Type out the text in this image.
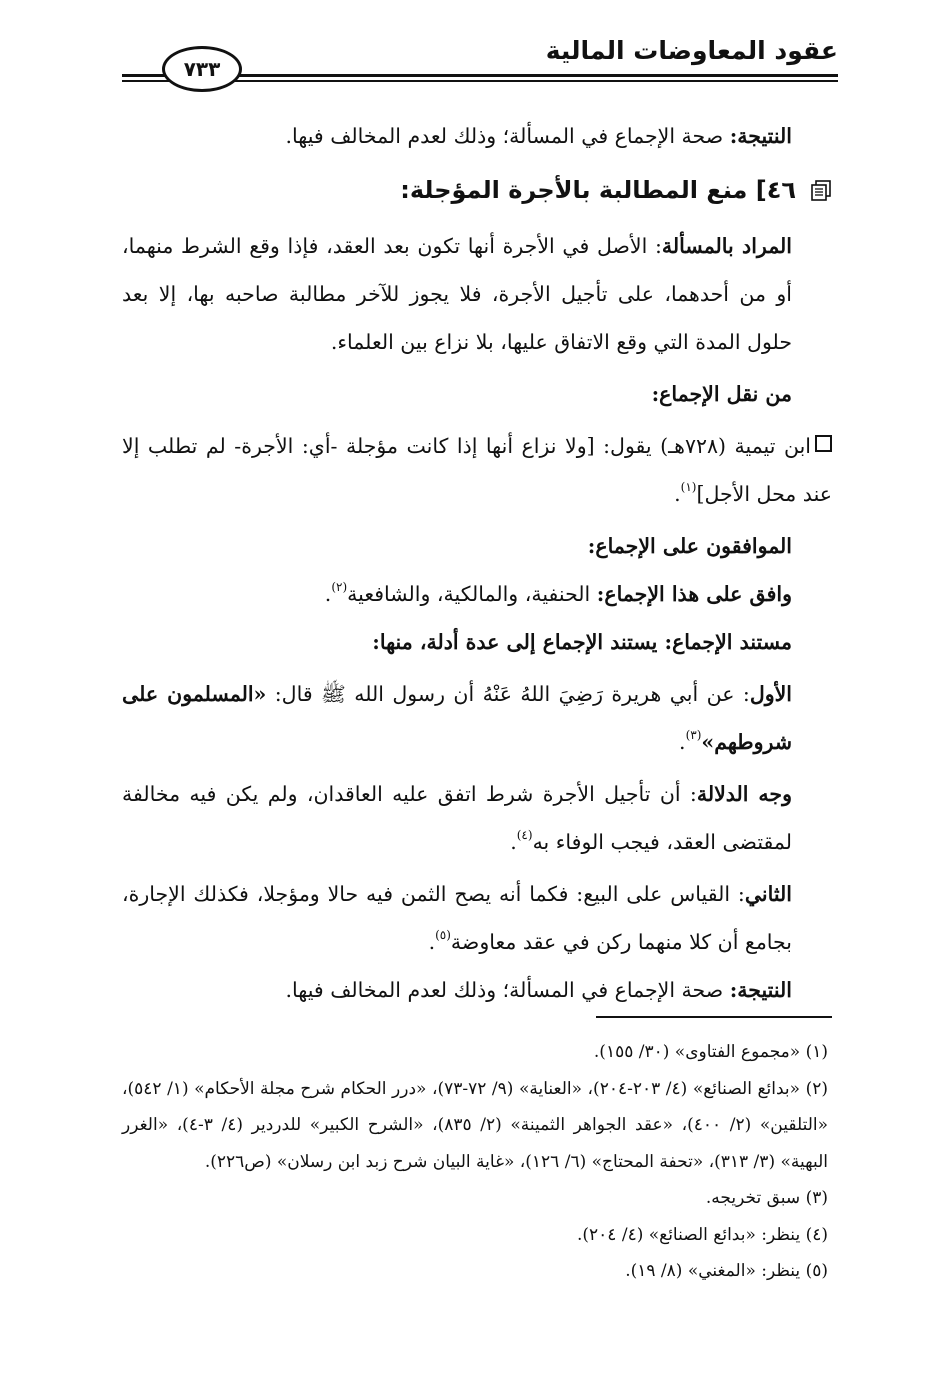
عقود المعاوضات المالية
٧٣٣

النتيجة: صحة الإجماع في المسألة؛ وذلك لعدم المخالف فيها.

٤٦] منع المطالبة بالأجرة المؤجلة:

المراد بالمسألة: الأصل في الأجرة أنها تكون بعد العقد، فإذا وقع الشرط منهما، أو من أحدهما، على تأجيل الأجرة، فلا يجوز للآخر مطالبة صاحبه بها، إلا بعد حلول المدة التي وقع الاتفاق عليها، بلا نزاع بين العلماء.

من نقل الإجماع:

ابن تيمية (٧٢٨هـ) يقول: [ولا نزاع أنها إذا كانت مؤجلة -أي: الأجرة- لم تطلب إلا عند محل الأجل]$^{(١)}$.

الموافقون على الإجماع:

وافق على هذا الإجماع: الحنفية، والمالكية، والشافعية$^{(٢)}$.

مستند الإجماع: يستند الإجماع إلى عدة أدلة، منها:

الأول: عن أبي هريرة رَضِيَ اللهُ عَنْهُ أن رسول الله ﷺ قال: «المسلمون على شروطهم»$^{(٣)}$.

وجه الدلالة: أن تأجيل الأجرة شرط اتفق عليه العاقدان، ولم يكن فيه مخالفة لمقتضى العقد، فيجب الوفاء به$^{(٤)}$.

الثاني: القياس على البيع: فكما أنه يصح الثمن فيه حالا ومؤجلا، فكذلك الإجارة، بجامع أن كلا منهما ركن في عقد معاوضة$^{(٥)}$.

النتيجة: صحة الإجماع في المسألة؛ وذلك لعدم المخالف فيها.

(١) «مجموع الفتاوى» (٣٠/ ١٥٥).

(٢) «بدائع الصنائع» (٤/ ٢٠٣-٢٠٤)، «العناية» (٩/ ٧٢-٧٣)، «درر الحكام شرح مجلة الأحكام» (١/ ٥٤٢)، «التلقين» (٢/ ٤٠٠)، «عقد الجواهر الثمينة» (٢/ ٨٣٥)، «الشرح الكبير» للدردير (٤/ ٣-٤)، «الغرر البهية» (٣/ ٣١٣)، «تحفة المحتاج» (٦/ ١٢٦)، «غاية البيان شرح زبد ابن رسلان» (ص٢٢٦).

(٣) سبق تخريجه.

(٤) ينظر: «بدائع الصنائع» (٤/ ٢٠٤).

(٥) ينظر: «المغني» (٨/ ١٩).
